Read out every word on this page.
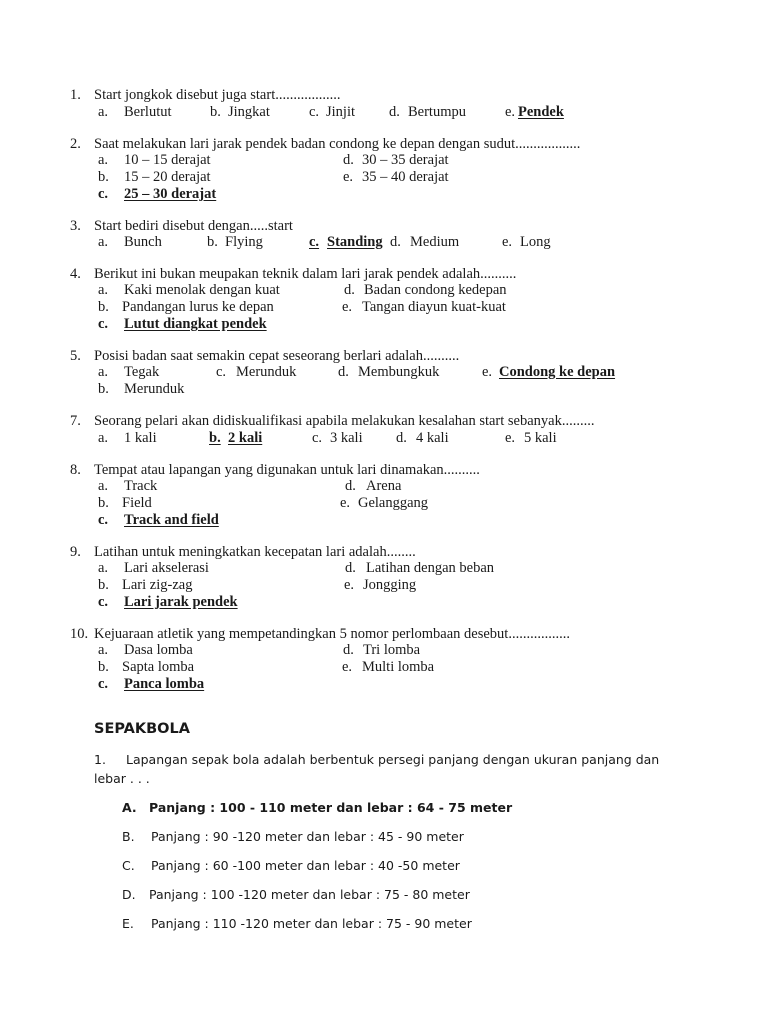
1. Start jongkok disebut juga start..................
a. Berlutut	b. Jingkat	c. Jinjit d. Bertumpu	e. Pendek
2. Saat melakukan lari jarak pendek badan condong ke depan dengan sudut..................
a. 10 – 15 derajat	d. 30 – 35 derajat
b. 15 – 20 derajat	e. 35 – 40 derajat
c. 25 – 30 derajat
3. Start bediri disebut dengan.....start
a. Bunch	b. Flying	c. Standing d. Medium	e. Long
4. Berikut ini bukan meupakan teknik dalam lari jarak pendek adalah..........
a. Kaki menolak dengan kuat	d. Badan condong kedepan
b. Pandangan lurus ke depan	e. Tangan diayun kuat-kuat
c. Lutut diangkat pendek
5. Posisi badan saat semakin cepat seseorang berlari adalah..........
a. Tegak	c. Merunduk	d. Membungkuk	e. Condong ke depan
b. Merunduk
7. Seorang pelari akan didiskualifikasi apabila melakukan kesalahan start sebanyak.........
a. 1 kali	b. 2 kali	c. 3 kali d. 4 kali	e. 5 kali
8. Tempat atau lapangan yang digunakan untuk lari dinamakan..........
a. Track	d. Arena
b. Field	e. Gelanggang
c. Track and field
9. Latihan untuk meningkatkan kecepatan lari adalah........
a. Lari akselerasi	d. Latihan dengan beban
b. Lari zig-zag	e. Jongging
c. Lari jarak pendek
10. Kejuaraan atletik yang mempetandingkan 5 nomor perlombaan desebut.................
a. Dasa lomba	d. Tri lomba
b. Sapta lomba	e. Multi lomba
c. Panca lomba
SEPAKBOLA
1. Lapangan sepak bola adalah berbentuk persegi panjang dengan ukuran panjang dan
lebar . . .
A. Panjang : 100 - 110 meter dan lebar : 64 - 75 meter
B. Panjang : 90 -120 meter dan lebar : 45 - 90 meter
C. Panjang : 60 -100 meter dan lebar : 40 -50 meter
D. Panjang : 100 -120 meter dan lebar : 75 - 80 meter
E. Panjang : 110 -120 meter dan lebar : 75 - 90 meter
